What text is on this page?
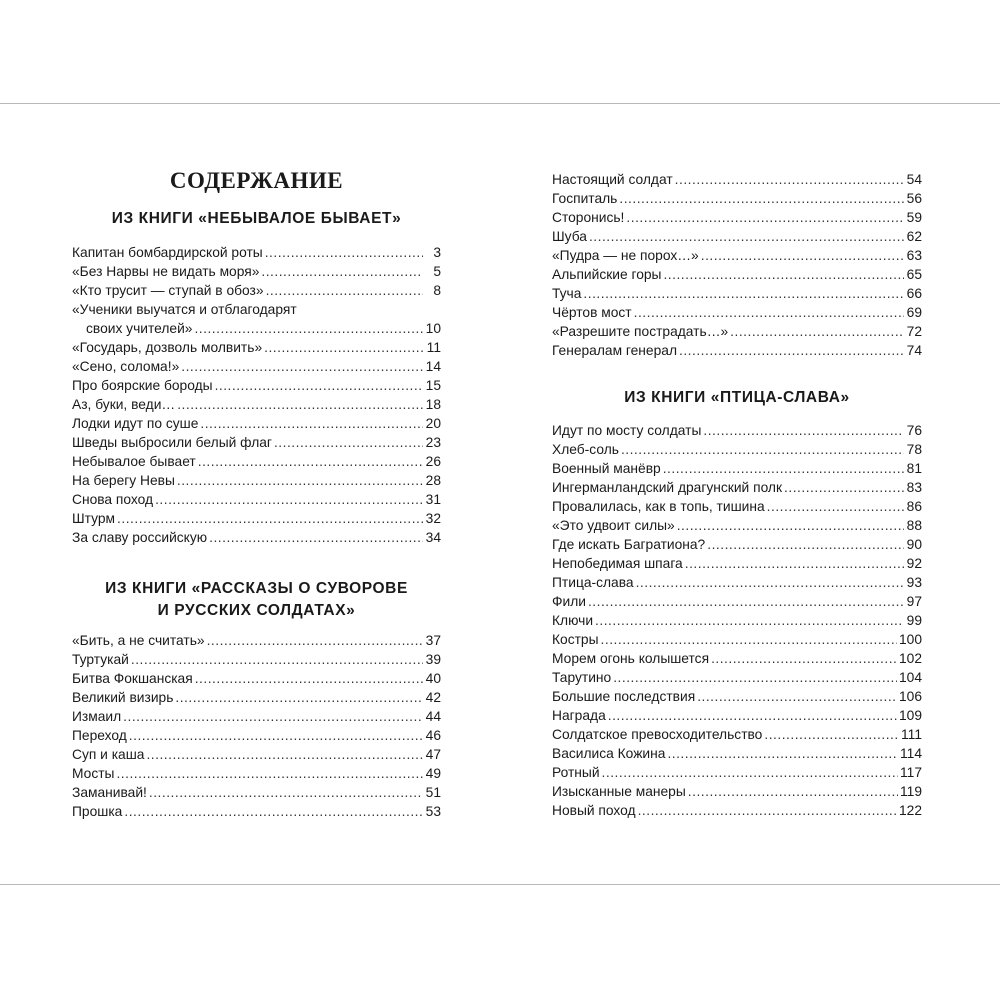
СОДЕРЖАНИЕ
ИЗ КНИГИ «НЕБЫВАЛОЕ БЫВАЕТ»
Капитан бомбардирской роты .....	3
«Без Нарвы не видать моря» .....	5
«Кто трусит — ступай в обоз» .....	8
«Ученики выучатся и отблагодарят
своих учителей» .....	10
«Государь, дозволь молвить» .....	11
«Сено, солома!» .....	14
Про боярские бороды .....	15
Аз, буки, веди… .....	18
Лодки идут по суше .....	20
Шведы выбросили белый флаг .....	23
Небывалое бывает .....	26
На берегу Невы .....	28
Снова поход .....	31
Штурм .....	32
За славу российскую .....	34
ИЗ КНИГИ «РАССКАЗЫ О СУВОРОВЕ
И РУССКИХ СОЛДАТАХ»
«Бить, а не считать» .....	37
Туртукай .....	39
Битва Фокшанская .....	40
Великий визирь .....	42
Измаил .....	44
Переход .....	46
Суп и каша .....	47
Мосты .....	49
Заманивай! .....	51
Прошка .....	53
Настоящий солдат .....	54
Госпиталь .....	56
Сторонись! .....	59
Шуба .....	62
«Пудра — не порох…» .....	63
Альпийские горы .....	65
Туча .....	66
Чёртов мост .....	69
«Разрешите пострадать…» .....	72
Генералам генерал .....	74
ИЗ КНИГИ «ПТИЦА-СЛАВА»
Идут по мосту солдаты .....	76
Хлеб-соль .....	78
Военный манёвр .....	81
Ингерманландский драгунский полк .....	83
Провалилась, как в топь, тишина .....	86
«Это удвоит силы» .....	88
Где искать Багратиона? .....	90
Непобедимая шпага .....	92
Птица-слава .....	93
Фили .....	97
Ключи .....	99
Костры .....	100
Морем огонь колышется .....	102
Тарутино .....	104
Большие последствия .....	106
Награда .....	109
Солдатское превосходительство .....	111
Василиса Кожина .....	114
Ротный .....	117
Изысканные манеры .....	119
Новый поход .....	122
